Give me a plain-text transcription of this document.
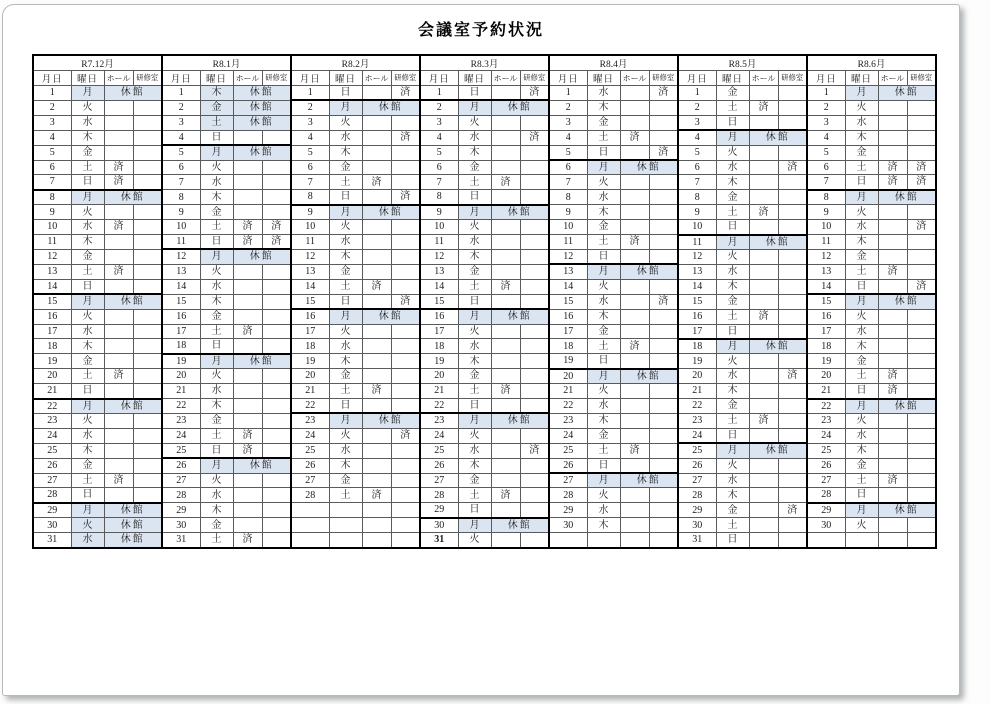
会議室予約状況
R7.12月				R8.1月				R8.2月				R8.3月				R8.4月				R8.5月				R8.6月			
月日	曜日	ホール	研修室	月日	曜日	ホール	研修室	月日	曜日	ホール	研修室	月日	曜日	ホール	研修室	月日	曜日	ホール	研修室	月日	曜日	ホール	研修室	月日	曜日	ホール	研修室
1	月	休館		1	木	休館		1	日		済	1	日		済	1	水		済	1	金			1	月	休館	
2	火			2	金	休館		2	月	休館		2	月	休館		2	木			2	土	済		2	火		
3	水			3	土	休館		3	火			3	火			3	金			3	日			3	水		
4	木			4	日			4	水		済	4	水		済	4	土	済		4	月	休館		4	木		
5	金			5	月	休館		5	木			5	木			5	日		済	5	火			5	金		
6	土	済		6	火			6	金			6	金			6	月	休館		6	水		済	6	土	済	済
7	日	済		7	水			7	土	済		7	土	済		7	火			7	木			7	日	済	済
8	月	休館		8	木			8	日		済	8	日			8	水			8	金			8	月	休館	
9	火			9	金			9	月	休館		9	月	休館		9	木			9	土	済		9	火		
10	水	済		10	土	済	済	10	火			10	火			10	金			10	日			10	水		済
11	木			11	日	済	済	11	水			11	水			11	土	済		11	月	休館		11	木		
12	金			12	月	休館		12	木			12	木			12	日			12	火			12	金		
13	土	済		13	火			13	金			13	金			13	月	休館		13	水			13	土	済	
14	日			14	水			14	土	済		14	土	済		14	火			14	木			14	日		済
15	月	休館		15	木			15	日		済	15	日			15	水		済	15	金			15	月	休館	
16	火			16	金			16	月	休館		16	月	休館		16	木			16	土	済		16	火		
17	水			17	土	済		17	火			17	火			17	金			17	日			17	水		
18	木			18	日			18	水			18	水			18	土	済		18	月	休館		18	木		
19	金			19	月	休館		19	木			19	木			19	日			19	火			19	金		
20	土	済		20	火			20	金			20	金			20	月	休館		20	水		済	20	土	済	
21	日			21	水			21	土	済		21	土	済		21	火			21	木			21	日	済	
22	月	休館		22	木			22	日			22	日			22	水			22	金			22	月	休館	
23	火			23	金			23	月	休館		23	月	休館		23	木			23	土	済		23	火		
24	水			24	土	済		24	火		済	24	火			24	金			24	日			24	水		
25	木			25	日	済		25	水			25	水		済	25	土	済		25	月	休館		25	木		
26	金			26	月	休館		26	木			26	木			26	日			26	火			26	金		
27	土	済		27	火			27	金			27	金			27	月	休館		27	水			27	土	済	
28	日			28	水			28	土	済		28	土	済		28	火			28	木			28	日		
29	月	休館		29	木							29	日			29	水			29	金		済	29	月	休館	
30	火	休館		30	金							30	月	休館		30	木			30	土			30	火		
31	水	休館		31	土	済						31	火							31	日						
